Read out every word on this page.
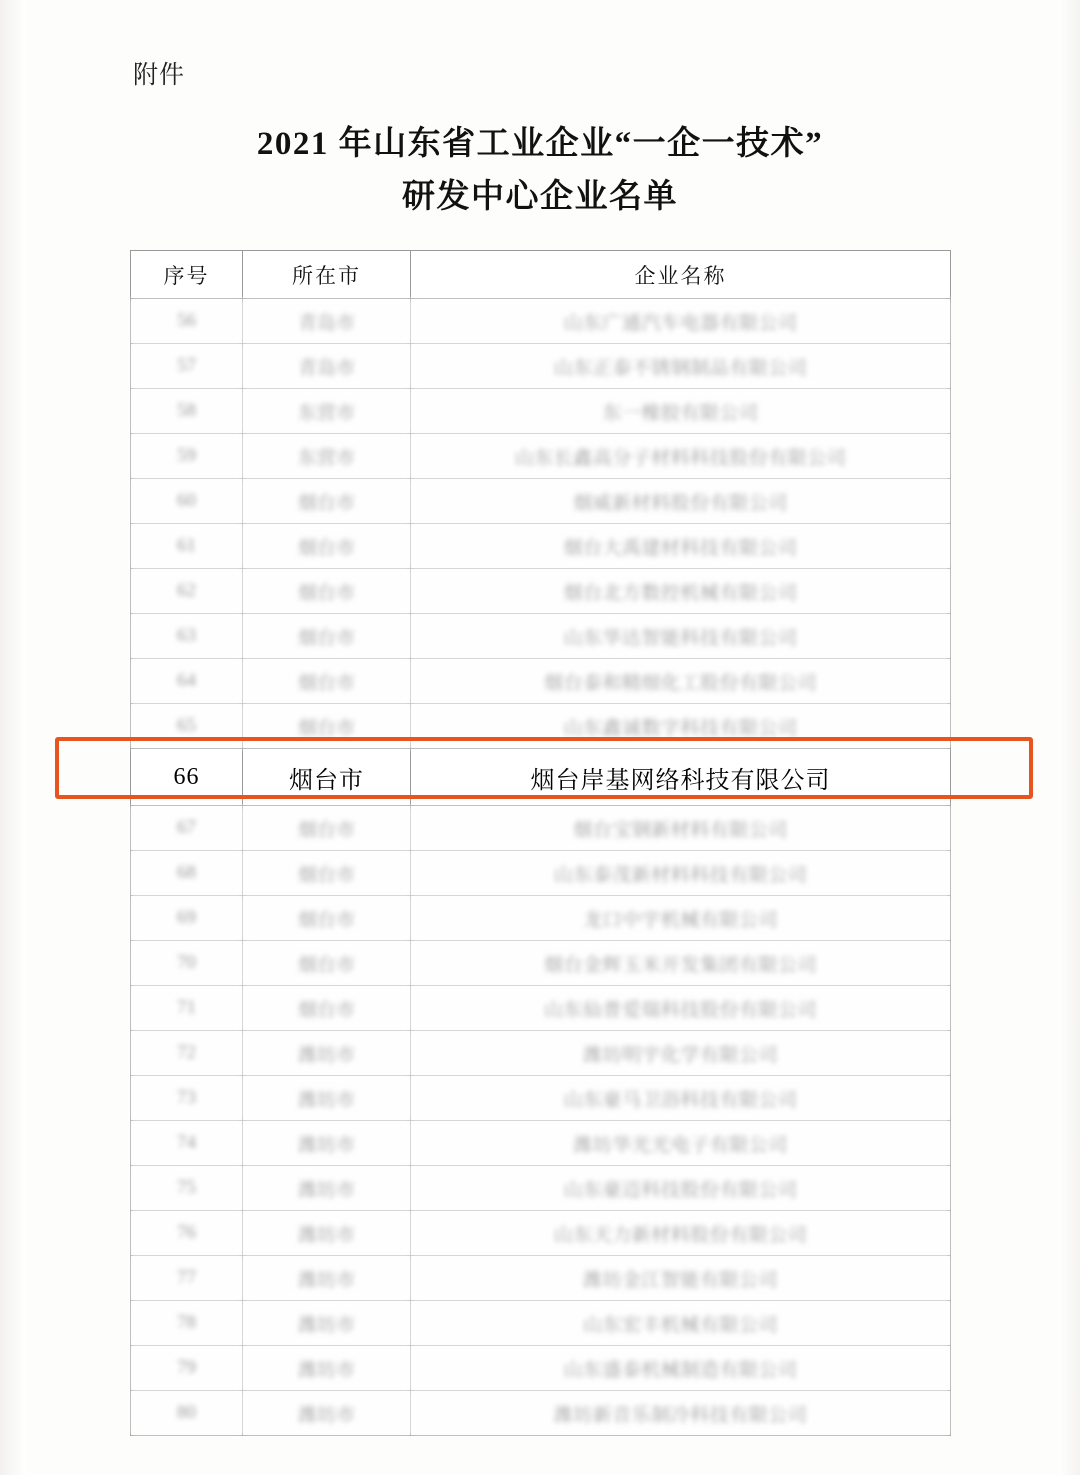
附件
2021 年山东省工业企业“一企一技术”
研发中心企业名单
序号	所在市	企业名称
56	青岛市	山东广通汽车电器有限公司
57	青岛市	山东正泰不锈钢制品有限公司
58	东营市	东一橡胶有限公司
59	东营市	山东长鑫高分子材料科技股份有限公司
60	烟台市	烟威新材料股份有限公司
61	烟台市	烟台大禹建材科技有限公司
62	烟台市	烟台北方数控机械有限公司
63	烟台市	山东华达智能科技有限公司
64	烟台市	烟台泰和精细化工股份有限公司
65	烟台市	山东鑫诚数字科技有限公司
66	烟台市	烟台岸基网络科技有限公司
67	烟台市	烟台宝钢新材料有限公司
68	烟台市	山东泰茂新材料科技有限公司
69	烟台市	龙口中宇机械有限公司
70	烟台市	烟台金辉玉米开发集团有限公司
71	烟台市	山东仙普爱瑞科技股份有限公司
72	潍坊市	潍坊明宇化学有限公司
73	潍坊市	山东豪马卫浴科技有限公司
74	潍坊市	潍坊华光光电子有限公司
75	潍坊市	山东豪迈科技股份有限公司
76	潍坊市	山东天力新材料股份有限公司
77	潍坊市	潍坊金江智能有限公司
78	潍坊市	山东宏丰机械有限公司
79	潍坊市	山东盛泰机械制造有限公司
80	潍坊市	潍坊新音乐制冷科技有限公司
